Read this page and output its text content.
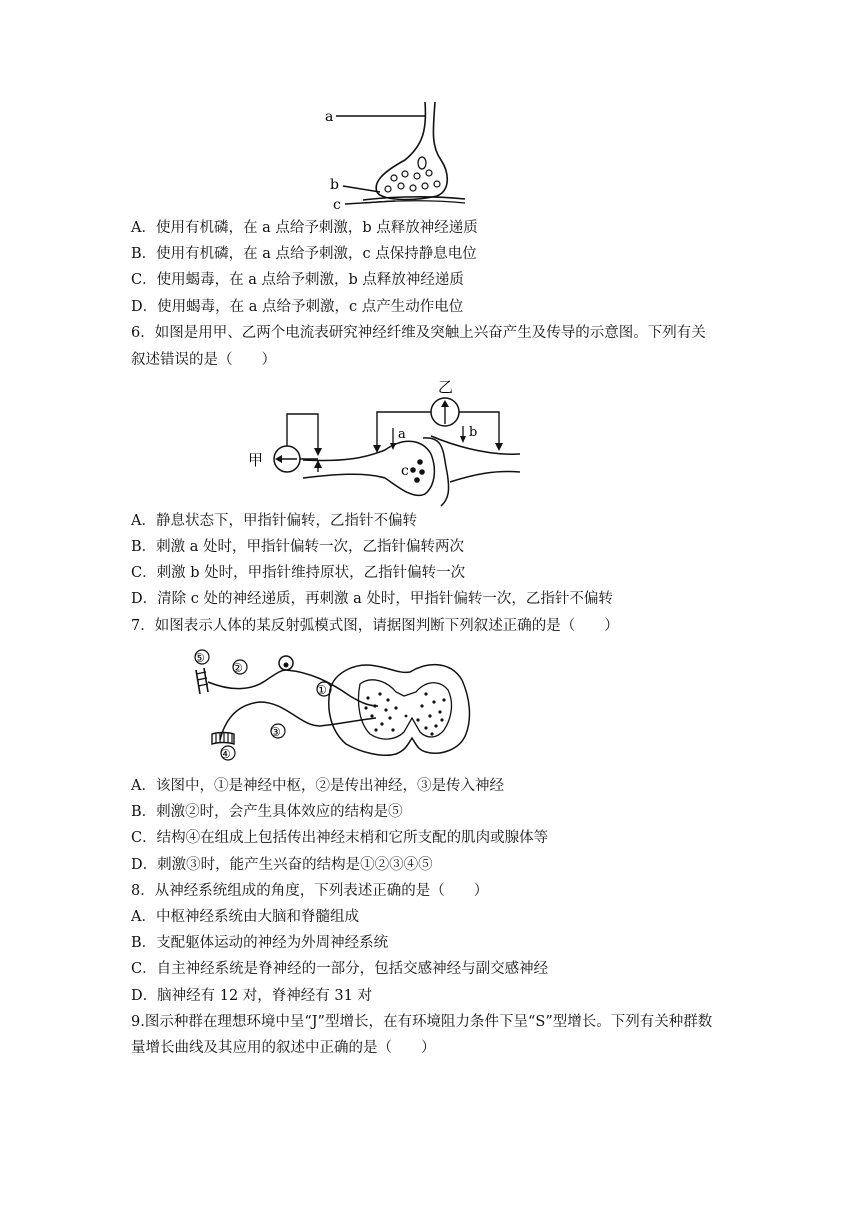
a
b
c
A．使用有机磷，在 a 点给予刺激，b 点释放神经递质
B．使用有机磷，在 a 点给予刺激，c 点保持静息电位
C．使用蝎毒，在 a 点给予刺激，b 点释放神经递质
D．使用蝎毒，在 a 点给予刺激，c 点产生动作电位
6．如图是用甲、乙两个电流表研究神经纤维及突触上兴奋产生及传导的示意图。下列有关
叙述错误的是（　　）
甲
c
乙
a	b
A．静息状态下，甲指针偏转，乙指针不偏转
B．刺激 a 处时，甲指针偏转一次，乙指针偏转两次
C．刺激 b 处时，甲指针维持原状，乙指针偏转一次
D．清除 c 处的神经递质，再刺激 a 处时，甲指针偏转一次，乙指针不偏转
7．如图表示人体的某反射弧模式图，请据图判断下列叙述正确的是（　　）
⑤
②
①
③
④
A．该图中，①是神经中枢，②是传出神经，③是传入神经
B．刺激②时，会产生具体效应的结构是⑤
C．结构④在组成上包括传出神经末梢和它所支配的肌肉或腺体等
D．刺激③时，能产生兴奋的结构是①②③④⑤
8．从神经系统组成的角度，下列表述正确的是（　　）
A．中枢神经系统由大脑和脊髓组成
B．支配躯体运动的神经为外周神经系统
C．自主神经系统是脊神经的一部分，包括交感神经与副交感神经
D．脑神经有 12 对，脊神经有 31 对
9.图示种群在理想环境中呈“J”型增长，在有环境阻力条件下呈“S”型增长。下列有关种群数
量增长曲线及其应用的叙述中正确的是（　　）
